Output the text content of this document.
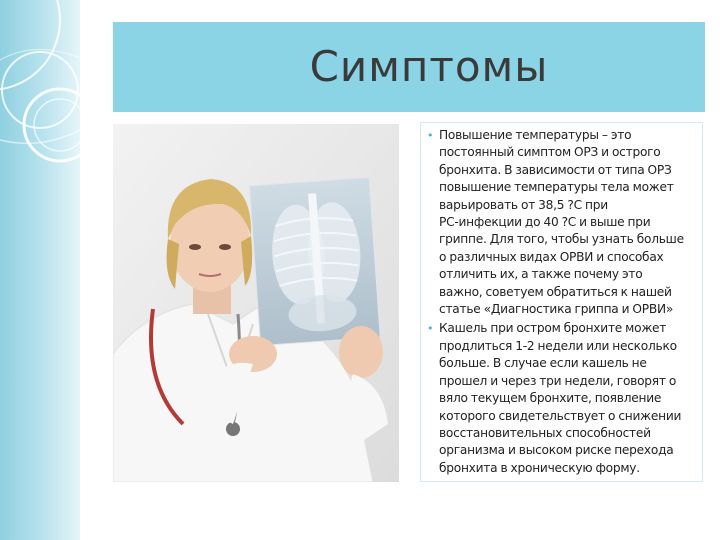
Симптомы
• Повышение температуры – это
постоянный симптом ОРЗ и острого
бронхита. В зависимости от типа ОРЗ
повышение температуры тела может
варьировать от 38,5 ?С при
РС-инфекции до 40 ?С и выше при
гриппе. Для того, чтобы узнать больше
о различных видах ОРВИ и способах
отличить их, а также почему это
важно, советуем обратиться к нашей
статье «Диагностика гриппа и ОРВИ»
• Кашель при остром бронхите может
продлиться 1-2 недели или несколько
больше. В случае если кашель не
прошел и через три недели, говорят о
вяло текущем бронхите, появление
которого свидетельствует о снижении
восстановительных способностей
организма и высоком риске перехода
бронхита в хроническую форму.
